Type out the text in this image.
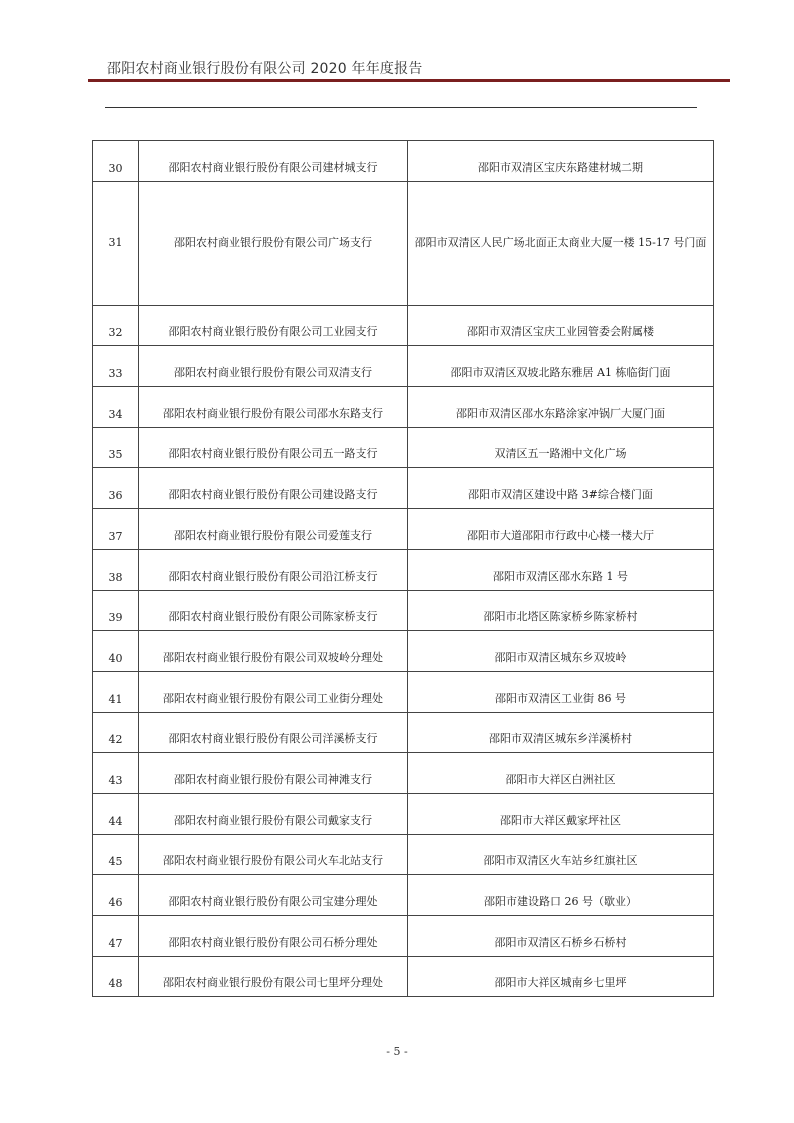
邵阳农村商业银行股份有限公司 2020 年年度报告
30	邵阳农村商业银行股份有限公司建材城支行	邵阳市双清区宝庆东路建材城二期

31	邵阳农村商业银行股份有限公司广场支行	邵阳市双清区人民广场北面正太商业大厦一楼 15-17 号门面

32	邵阳农村商业银行股份有限公司工业园支行	邵阳市双清区宝庆工业园管委会附属楼

33	邵阳农村商业银行股份有限公司双清支行	邵阳市双清区双坡北路东雅居 A1 栋临街门面

34	邵阳农村商业银行股份有限公司邵水东路支行	邵阳市双清区邵水东路涂家冲锅厂大厦门面

35	邵阳农村商业银行股份有限公司五一路支行	双清区五一路湘中文化广场

36	邵阳农村商业银行股份有限公司建设路支行	邵阳市双清区建设中路 3#综合楼门面

37	邵阳农村商业银行股份有限公司爱莲支行	邵阳市大道邵阳市行政中心楼一楼大厅

38	邵阳农村商业银行股份有限公司沿江桥支行	邵阳市双清区邵水东路 1 号

39	邵阳农村商业银行股份有限公司陈家桥支行	邵阳市北塔区陈家桥乡陈家桥村

40	邵阳农村商业银行股份有限公司双坡岭分理处	邵阳市双清区城东乡双坡岭

41	邵阳农村商业银行股份有限公司工业街分理处	邵阳市双清区工业街 86 号

42	邵阳农村商业银行股份有限公司洋溪桥支行	邵阳市双清区城东乡洋溪桥村

43	邵阳农村商业银行股份有限公司神滩支行	邵阳市大祥区白洲社区

44	邵阳农村商业银行股份有限公司戴家支行	邵阳市大祥区戴家坪社区

45	邵阳农村商业银行股份有限公司火车北站支行	邵阳市双清区火车站乡红旗社区

46	邵阳农村商业银行股份有限公司宝建分理处	邵阳市建设路口 26 号（歇业）

47	邵阳农村商业银行股份有限公司石桥分理处	邵阳市双清区石桥乡石桥村

48	邵阳农村商业银行股份有限公司七里坪分理处	邵阳市大祥区城南乡七里坪
- 5 -
